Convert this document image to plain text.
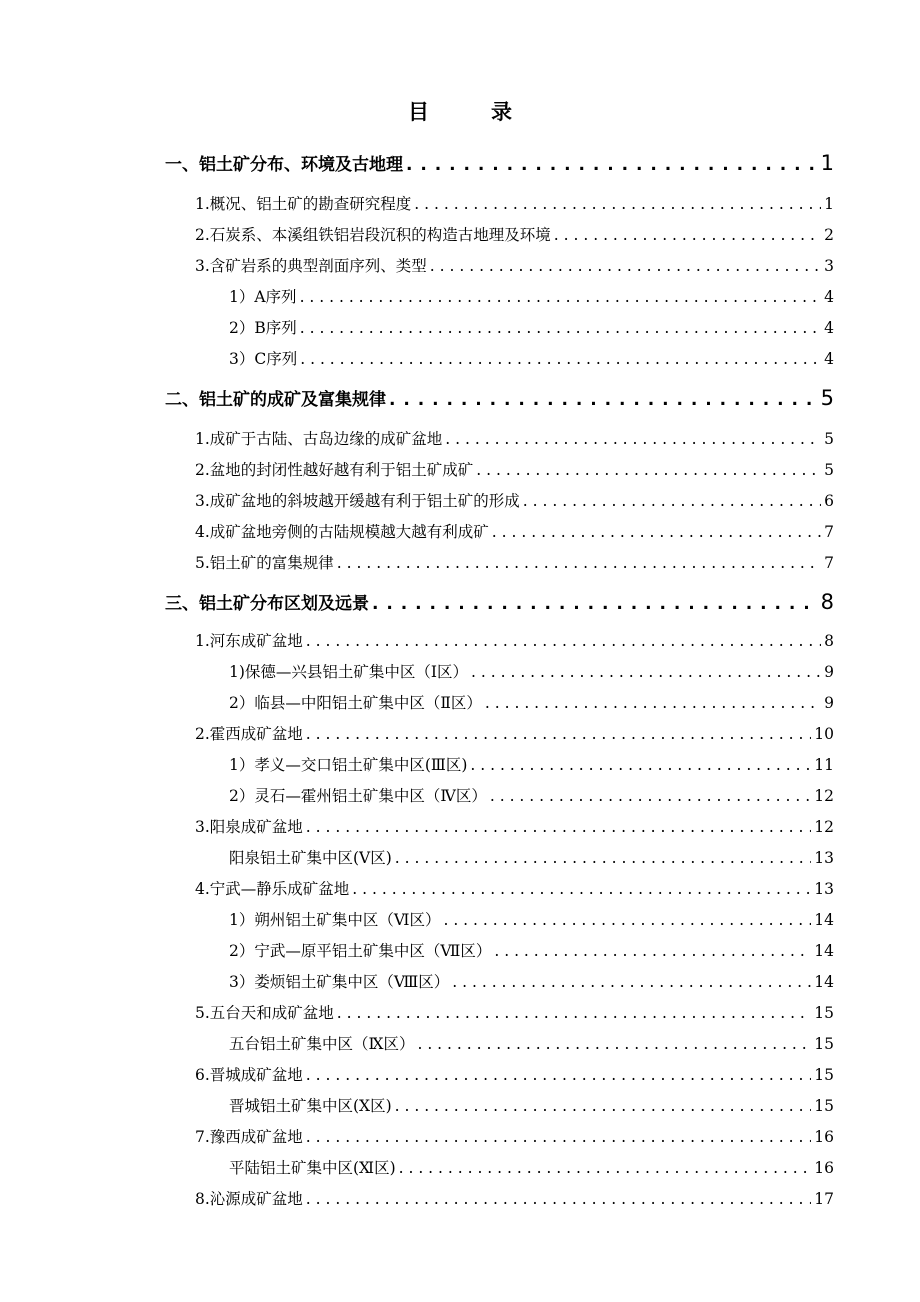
目	录
一、铝土矿分布、环境及古地理 . . .	1
1.概况、铝土矿的勘查研究程度 . . .	1
2.石炭系、本溪组铁铝岩段沉积的构造古地理及环境 . . .	2
3.含矿岩系的典型剖面序列、类型 . . .	3
1）A序列 . . .	4
2）B序列 . . .	4
3）C序列 . . .	4
二、铝土矿的成矿及富集规律 . . .	5
1.成矿于古陆、古岛边缘的成矿盆地 . . .	5
2.盆地的封闭性越好越有利于铝土矿成矿 . . .	5
3.成矿盆地的斜坡越开缓越有利于铝土矿的形成 . . .	6
4.成矿盆地旁侧的古陆规模越大越有利成矿 . . .	7
5.铝土矿的富集规律 . . .	7
三、铝土矿分布区划及远景 . . .	8
1.河东成矿盆地 . . .	8
1)保德—兴县铝土矿集中区（Ⅰ区） . . .	9
2）临县—中阳铝土矿集中区（Ⅱ区） . . .	9
2.霍西成矿盆地 . . .	10
1）孝义—交口铝土矿集中区(Ⅲ区) . . .	11
2）灵石—霍州铝土矿集中区（Ⅳ区） . . .	12
3.阳泉成矿盆地 . . .	12
阳泉铝土矿集中区(Ⅴ区) . . .	13
4.宁武—静乐成矿盆地 . . .	13
1）朔州铝土矿集中区（Ⅵ区） . . .	14
2）宁武—原平铝土矿集中区（Ⅶ区） . . .	14
3）娄烦铝土矿集中区（Ⅷ区） . . .	14
5.五台天和成矿盆地 . . .	15
五台铝土矿集中区（Ⅸ区） . . .	15
6.晋城成矿盆地 . . .	15
晋城铝土矿集中区(Ⅹ区) . . .	15
7.豫西成矿盆地 . . .	16
平陆铝土矿集中区(Ⅺ区) . . .	16
8.沁源成矿盆地 . . .	17
